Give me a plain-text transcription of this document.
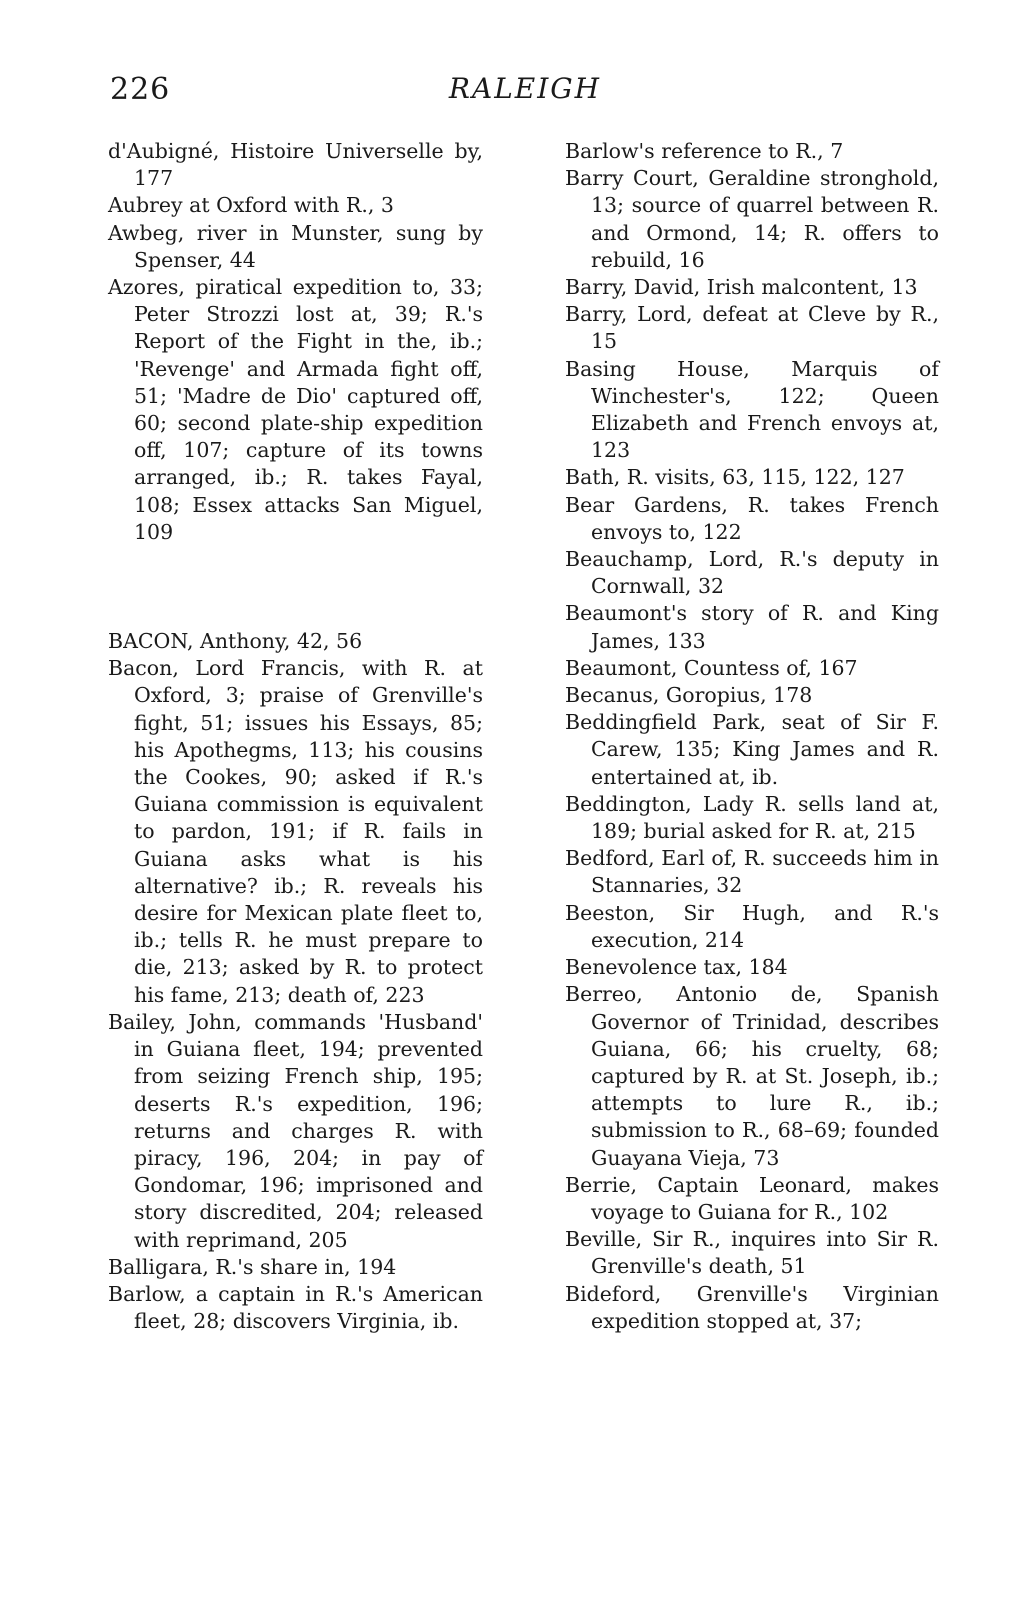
226	RALEIGH

d'Aubigné, Histoire Universelle by, 177

Aubrey at Oxford with R., 3

Awbeg, river in Munster, sung by Spenser, 44

Azores, piratical expedition to, 33; Peter Strozzi lost at, 39; R.'s Report of the Fight in the, ib.; 'Revenge' and Armada fight off, 51; 'Madre de Dio' captured off, 60; second plate-ship expedition off, 107; capture of its towns arranged, ib.; R. takes Fayal, 108; Essex attacks San Miguel, 109

BACON, Anthony, 42, 56

Bacon, Lord Francis, with R. at Oxford, 3; praise of Grenville's fight, 51; issues his Essays, 85; his Apothegms, 113; his cousins the Cookes, 90; asked if R.'s Guiana commission is equivalent to pardon, 191; if R. fails in Guiana asks what is his alternative? ib.; R. reveals his desire for Mexican plate fleet to, ib.; tells R. he must prepare to die, 213; asked by R. to protect his fame, 213; death of, 223

Bailey, John, commands 'Husband' in Guiana fleet, 194; prevented from seizing French ship, 195; deserts R.'s expedition, 196; returns and charges R. with piracy, 196, 204; in pay of Gondomar, 196; imprisoned and story discredited, 204; released with reprimand, 205

Balligara, R.'s share in, 194

Barlow, a captain in R.'s American fleet, 28; discovers Virginia, ib.

Barlow's reference to R., 7

Barry Court, Geraldine stronghold, 13; source of quarrel between R. and Ormond, 14; R. offers to rebuild, 16

Barry, David, Irish malcontent, 13

Barry, Lord, defeat at Cleve by R., 15

Basing House, Marquis of Winchester's, 122; Queen Elizabeth and French envoys at, 123

Bath, R. visits, 63, 115, 122, 127

Bear Gardens, R. takes French envoys to, 122

Beauchamp, Lord, R.'s deputy in Cornwall, 32

Beaumont's story of R. and King James, 133

Beaumont, Countess of, 167

Becanus, Goropius, 178

Beddingfield Park, seat of Sir F. Carew, 135; King James and R. entertained at, ib.

Beddington, Lady R. sells land at, 189; burial asked for R. at, 215

Bedford, Earl of, R. succeeds him in Stannaries, 32

Beeston, Sir Hugh, and R.'s execution, 214

Benevolence tax, 184

Berreo, Antonio de, Spanish Governor of Trinidad, describes Guiana, 66; his cruelty, 68; captured by R. at St. Joseph, ib.; attempts to lure R., ib.; submission to R., 68–69; founded Guayana Vieja, 73

Berrie, Captain Leonard, makes voyage to Guiana for R., 102

Beville, Sir R., inquires into Sir R. Grenville's death, 51

Bideford, Grenville's Virginian expedition stopped at, 37;
